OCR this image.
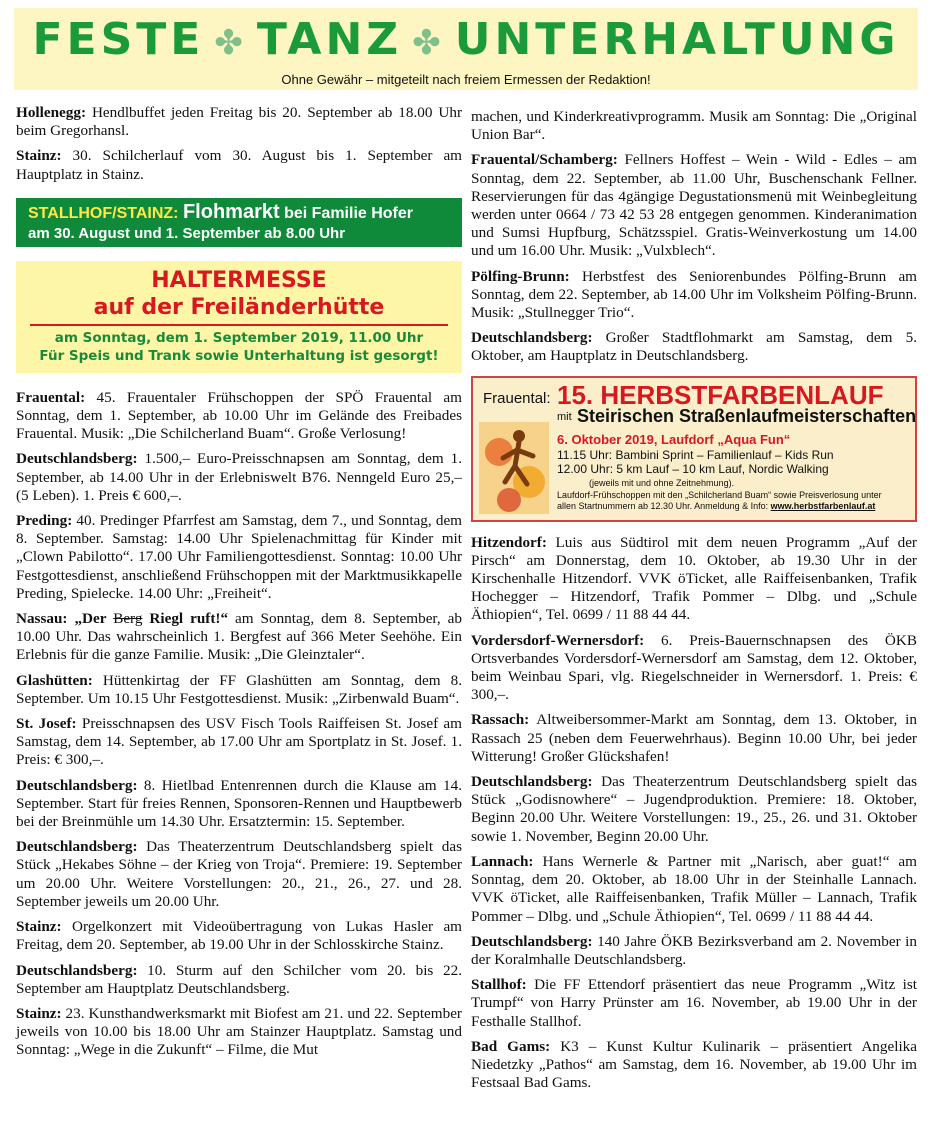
FESTE ✤ TANZ ✤ UNTERHALTUNG
Ohne Gewähr – mitgeteilt nach freiem Ermessen der Redaktion!

Hollenegg: Hendlbuffet jeden Freitag bis 20. September ab 18.00 Uhr beim Gregorhansl.

Stainz: 30. Schilcherlauf vom 30. August bis 1. September am Hauptplatz in Stainz.

STALLHOF/STAINZ: Flohmarkt bei Familie Hofer
am 30. August und 1. September ab 8.00 Uhr
HALTERMESSE
auf der Freiländerhütte
am Sonntag, dem 1. September 2019, 11.00 Uhr
Für Speis und Trank sowie Unterhaltung ist gesorgt!

Frauental: 45. Frauentaler Frühschoppen der SPÖ Frauental am Sonntag, dem 1. September, ab 10.00 Uhr im Gelände des Freibades Frauental. Musik: „Die Schilcherland Buam“. Große Verlosung!

Deutschlandsberg: 1.500,– Euro-Preisschnapsen am Sonntag, dem 1. September, ab 14.00 Uhr in der Erlebniswelt B76. Nenngeld Euro 25,– (5 Leben). 1. Preis € 600,–.

Preding: 40. Predinger Pfarrfest am Samstag, dem 7., und Sonntag, dem 8. September. Samstag: 14.00 Uhr Spielenachmittag für Kinder mit „Clown Pabilotto“. 17.00 Uhr Familiengottesdienst. Sonntag: 10.00 Uhr Festgottesdienst, anschließend Frühschoppen mit der Marktmusikkapelle Preding, Spielecke. 14.00 Uhr: „Freiheit“.

Nassau: „Der Berg Riegl ruft!“ am Sonntag, dem 8. September, ab 10.00 Uhr. Das wahrscheinlich 1. Bergfest auf 366 Meter Seehöhe. Ein Erlebnis für die ganze Familie. Musik: „Die Gleinztaler“.

Glashütten: Hüttenkirtag der FF Glashütten am Sonntag, dem 8. September. Um 10.15 Uhr Festgottesdienst. Musik: „Zirbenwald Buam“.

St. Josef: Preisschnapsen des USV Fisch Tools Raiffeisen St. Josef am Samstag, dem 14. September, ab 17.00 Uhr am Sportplatz in St. Josef. 1. Preis: € 300,–.

Deutschlandsberg: 8. Hietlbad Entenrennen durch die Klause am 14. September. Start für freies Rennen, Sponsoren-Rennen und Hauptbewerb bei der Breinmühle um 14.30 Uhr. Ersatztermin: 15. September.

Deutschlandsberg: Das Theaterzentrum Deutschlandsberg spielt das Stück „Hekabes Söhne – der Krieg von Troja“. Premiere: 19. September um 20.00 Uhr. Weitere Vorstellungen: 20., 21., 26., 27. und 28. September jeweils um 20.00 Uhr.

Stainz: Orgelkonzert mit Videoübertragung von Lukas Hasler am Freitag, dem 20. September, ab 19.00 Uhr in der Schlosskirche Stainz.

Deutschlandsberg: 10. Sturm auf den Schilcher vom 20. bis 22. September am Hauptplatz Deutschlandsberg.

Stainz: 23. Kunsthandwerksmarkt mit Biofest am 21. und 22. September jeweils von 10.00 bis 18.00 Uhr am Stainzer Hauptplatz. Samstag und Sonntag: „Wege in die Zukunft“ – Filme, die Mut

machen, und Kinderkreativprogramm. Musik am Sonntag: Die „Original Union Bar“.

Frauental/Schamberg: Fellners Hoffest – Wein - Wild - Edles – am Sonntag, dem 22. September, ab 11.00 Uhr, Buschenschank Fellner. Reservierungen für das 4gängige Degustationsmenü mit Weinbegleitung werden unter 0664 / 73 42 53 28 entgegen genommen. Kinderanimation und Sumsi Hupfburg, Schätzsspiel. Gratis-Weinverkostung um 14.00 und um 16.00 Uhr. Musik: „Vulxblech“.

Pölfing-Brunn: Herbstfest des Seniorenbundes Pölfing-Brunn am Sonntag, dem 22. September, ab 14.00 Uhr im Volksheim Pölfing-Brunn. Musik: „Stullnegger Trio“.

Deutschlandsberg: Großer Stadtflohmarkt am Samstag, dem 5. Oktober, am Hauptplatz in Deutschlandsberg.

Frauental: 15. HERBSTFARBENLAUF
mit Steirischen Straßenlaufmeisterschaften
6. Oktober 2019, Laufdorf „Aqua Fun“
11.15 Uhr: Bambini Sprint – Familienlauf – Kids Run
12.00 Uhr: 5 km Lauf – 10 km Lauf, Nordic Walking
(jeweils mit und ohne Zeitnehmung).
Laufdorf-Frühschoppen mit den „Schilcherland Buam“ sowie Preisverlosung unter
allen Startnummern ab 12.30 Uhr. Anmeldung & Info: www.herbstfarbenlauf.at

Hitzendorf: Luis aus Südtirol mit dem neuen Programm „Auf der Pirsch“ am Donnerstag, dem 10. Oktober, ab 19.30 Uhr in der Kirschenhalle Hitzendorf. VVK öTicket, alle Raiffeisenbanken, Trafik Hochegger – Hitzendorf, Trafik Pommer – Dlbg. und „Schule Äthiopien“, Tel. 0699 / 11 88 44 44.

Vordersdorf-Wernersdorf: 6. Preis-Bauernschnapsen des ÖKB Ortsverbandes Vordersdorf-Wernersdorf am Samstag, dem 12. Oktober, beim Weinbau Spari, vlg. Riegelschneider in Wernersdorf. 1. Preis: € 300,–.

Rassach: Altweibersommer-Markt am Sonntag, dem 13. Oktober, in Rassach 25 (neben dem Feuerwehrhaus). Beginn 10.00 Uhr, bei jeder Witterung! Großer Glückshafen!

Deutschlandsberg: Das Theaterzentrum Deutschlandsberg spielt das Stück „Godisnowhere“ – Jugendproduktion. Premiere: 18. Oktober, Beginn 20.00 Uhr. Weitere Vorstellungen: 19., 25., 26. und 31. Oktober sowie 1. November, Beginn 20.00 Uhr.

Lannach: Hans Wernerle & Partner mit „Narisch, aber guat!“ am Sonntag, dem 20. Oktober, ab 18.00 Uhr in der Steinhalle Lannach. VVK öTicket, alle Raiffeisenbanken, Trafik Müller – Lannach, Trafik Pommer – Dlbg. und „Schule Äthiopien“, Tel. 0699 / 11 88 44 44.

Deutschlandsberg: 140 Jahre ÖKB Bezirksverband am 2. November in der Koralmhalle Deutschlandsberg.

Stallhof: Die FF Ettendorf präsentiert das neue Programm „Witz ist Trumpf“ von Harry Prünster am 16. November, ab 19.00 Uhr in der Festhalle Stallhof.

Bad Gams: K3 – Kunst Kultur Kulinarik – präsentiert Angelika Niedetzky „Pathos“ am Samstag, dem 16. November, ab 19.00 Uhr im Festsaal Bad Gams.
